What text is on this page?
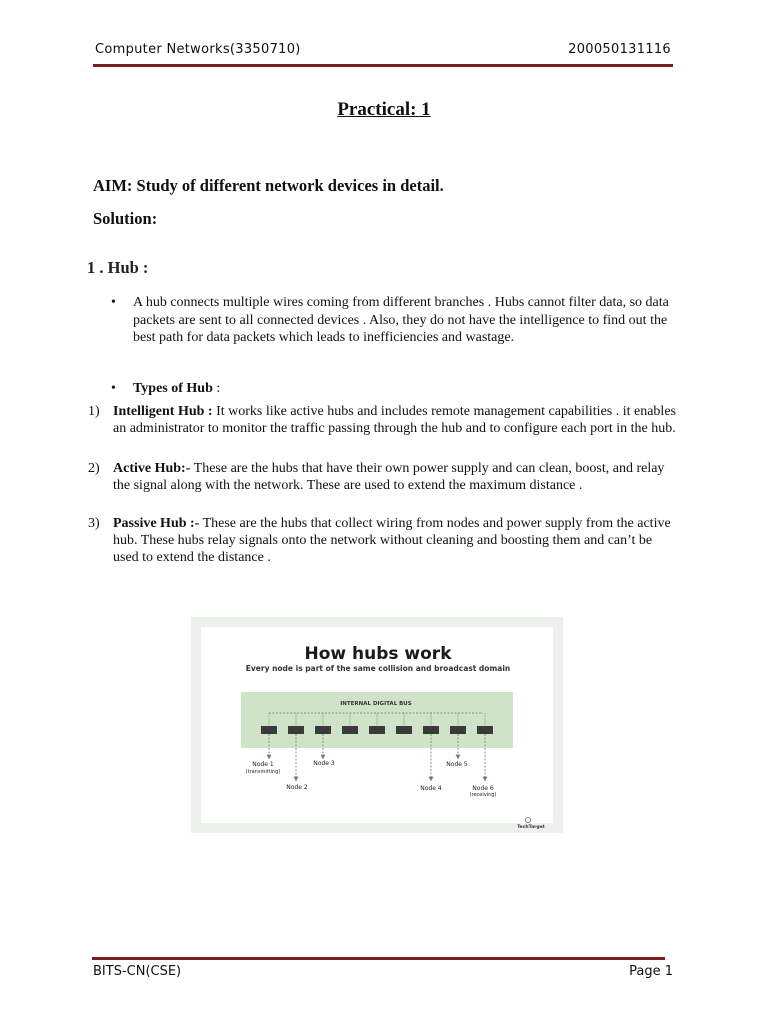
Computer Networks(3350710)	200050131116
Practical: 1
AIM: Study of different network devices in detail.
Solution:
1 . Hub :
• A hub connects multiple wires coming from different branches . Hubs cannot filter data, so data packets are sent to all connected devices . Also, they do not have the intelligence to find out the best path for data packets which leads to inefficiencies and wastage.
• Types of Hub :
1) Intelligent Hub : It works like active hubs and includes remote management capabilities . it enables an administrator to monitor the traffic passing through the hub and to configure each port in the hub.
2) Active Hub:- These are the hubs that have their own power supply and can clean, boost, and relay the signal along with the network. These are used to extend the maximum distance .
3) Passive Hub :- These are the hubs that collect wiring from nodes and power supply from the active hub. These hubs relay signals onto the network without cleaning and boosting them and can’t be used to extend the distance .
How hubs work
Every node is part of the same collision and broadcast domain
INTERNAL DIGITAL BUS
Node 1
(transmitting)
Node 2
Node 3
Node 4
Node 5
Node 6
(receiving)
TechTarget
BITS-CN(CSE)	Page 1
